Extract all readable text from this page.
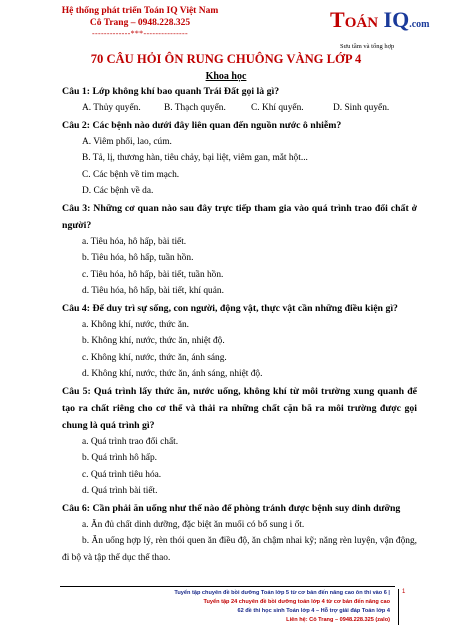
Hệ thống phát triển Toán IQ Việt Nam
Cô Trang – 0948.228.325
-------------***---------------
TOÁN IQ.com
Sưu tầm và tổng hợp
70 CÂU HỎI ÔN RUNG CHUÔNG VÀNG LỚP 4
Khoa học
Câu 1: Lớp không khí bao quanh Trái Đất gọi là gì?
A. Thủy quyển.	B. Thạch quyển.	C. Khí quyển.	D. Sinh quyển.
Câu 2: Các bệnh nào dưới đây liên quan đến nguồn nước ô nhiễm?
A. Viêm phổi, lao, cúm.
B. Tả, lị, thương hàn, tiêu chảy, bại liệt, viêm gan, mắt hột...
C. Các bệnh về tim mạch.
D. Các bệnh về da.
Câu 3: Những cơ quan nào sau đây trực tiếp tham gia vào quá trình trao đổi chất ở người?
a. Tiêu hóa, hô hấp, bài tiết.
b. Tiêu hóa, hô hấp, tuần hồn.
c. Tiêu hóa, hô hấp, bài tiết, tuần hồn.
d. Tiêu hóa, hô hấp, bài tiết, khí quản.
Câu 4: Để duy trì sự sống, con người, động vật, thực vật cần những điều kiện gì?
a. Không khí, nước, thức ăn.
b. Không khí, nước, thức ăn, nhiệt độ.
c. Không khí, nước, thức ăn, ánh sáng.
d. Không khí, nước, thức ăn, ánh sáng, nhiệt độ.
Câu 5: Quá trình lấy thức ăn, nước uống, không khí từ môi trường xung quanh để tạo ra chất riêng cho cơ thể và thải ra những chất cặn bã ra môi trường được gọi chung là quá trình gì?
a. Quá trình trao đổi chất.
b. Quá trình hô hấp.
c. Quá trình tiêu hóa.
d. Quá trình bài tiết.
Câu 6: Cần phải ăn uống như thế nào để phòng tránh được bệnh suy dinh dưỡng
a. Ăn đủ chất dinh dưỡng, đặc biệt ăn muối có bổ sung i ốt.
b. Ăn uống hợp lý, rèn thói quen ăn điều độ, ăn chậm nhai kỹ; năng rèn luyện, vận động, đi bộ và tập thể dục thể thao.
Tuyển tập chuyên đề bồi dưỡng Toán lớp 5 từ cơ bản đến nâng cao ôn thi vào 6 |
Tuyển tập 24 chuyên đề bồi dưỡng toán lớp 4 từ cơ bản đến nâng cao
62 đề thi học sinh Toán lớp 4 – Hỗ trợ giải đáp Toán lớp 4
Liên hệ: Cô Trang – 0948.228.325 (zalo)
1
